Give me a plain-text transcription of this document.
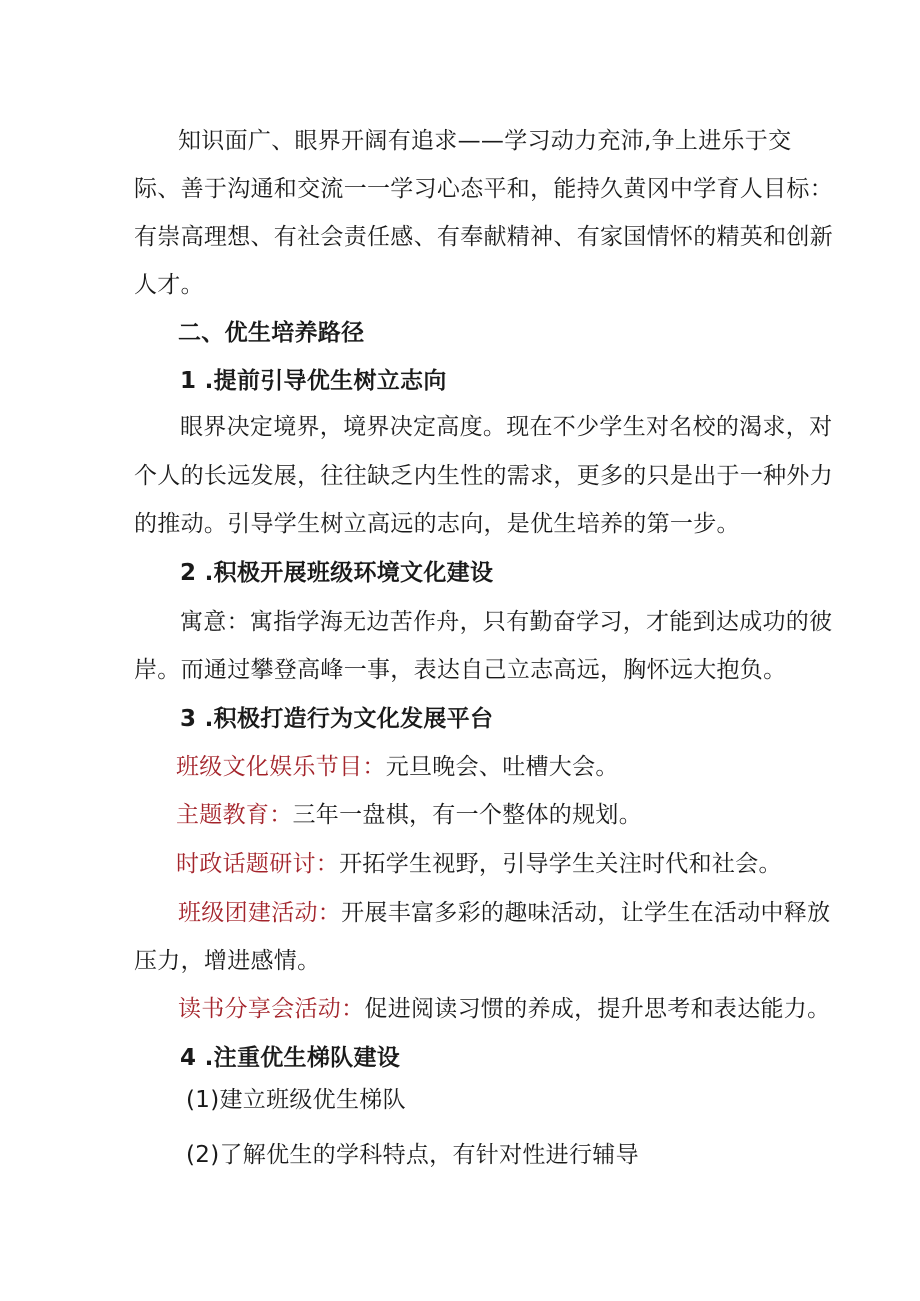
知识面广、眼界开阔有追求——学习动力充沛,争上进乐于交
际、善于沟通和交流一一学习心态平和，能持久黄冈中学育人目标：
有崇高理想、有社会责任感、有奉献精神、有家国情怀的精英和创新
人才。
二、优生培养路径
1 .提前引导优生树立志向
眼界决定境界，境界决定高度。现在不少学生对名校的渴求，对
个人的长远发展，往往缺乏内生性的需求，更多的只是出于一种外力
的推动。引导学生树立高远的志向，是优生培养的第一步。
2 .积极开展班级环境文化建设
寓意：寓指学海无边苦作舟，只有勤奋学习，才能到达成功的彼
岸。而通过攀登高峰一事，表达自己立志高远，胸怀远大抱负。
3 .积极打造行为文化发展平台
班级文化娱乐节目：元旦晚会、吐槽大会。
主题教育：三年一盘棋，有一个整体的规划。
时政话题研讨：开拓学生视野，引导学生关注时代和社会。
班级团建活动：开展丰富多彩的趣味活动，让学生在活动中释放
压力，增进感情。
读书分享会活动：促进阅读习惯的养成，提升思考和表达能力。
4 .注重优生梯队建设
(1)建立班级优生梯队
(2)了解优生的学科特点，有针对性进行辅导
